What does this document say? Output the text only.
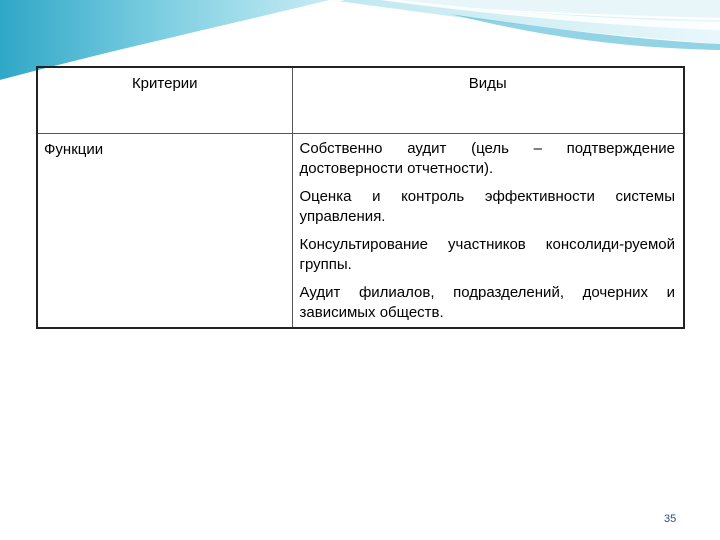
Критерии	Виды
Функции	Собственно аудит (цель – подтверждение достоверности отчетности).

Оценка и контроль эффективности системы управления.

Консультирование участников консолиди-руемой группы.

Аудит филиалов, подразделений, дочерних и зависимых обществ.

35
